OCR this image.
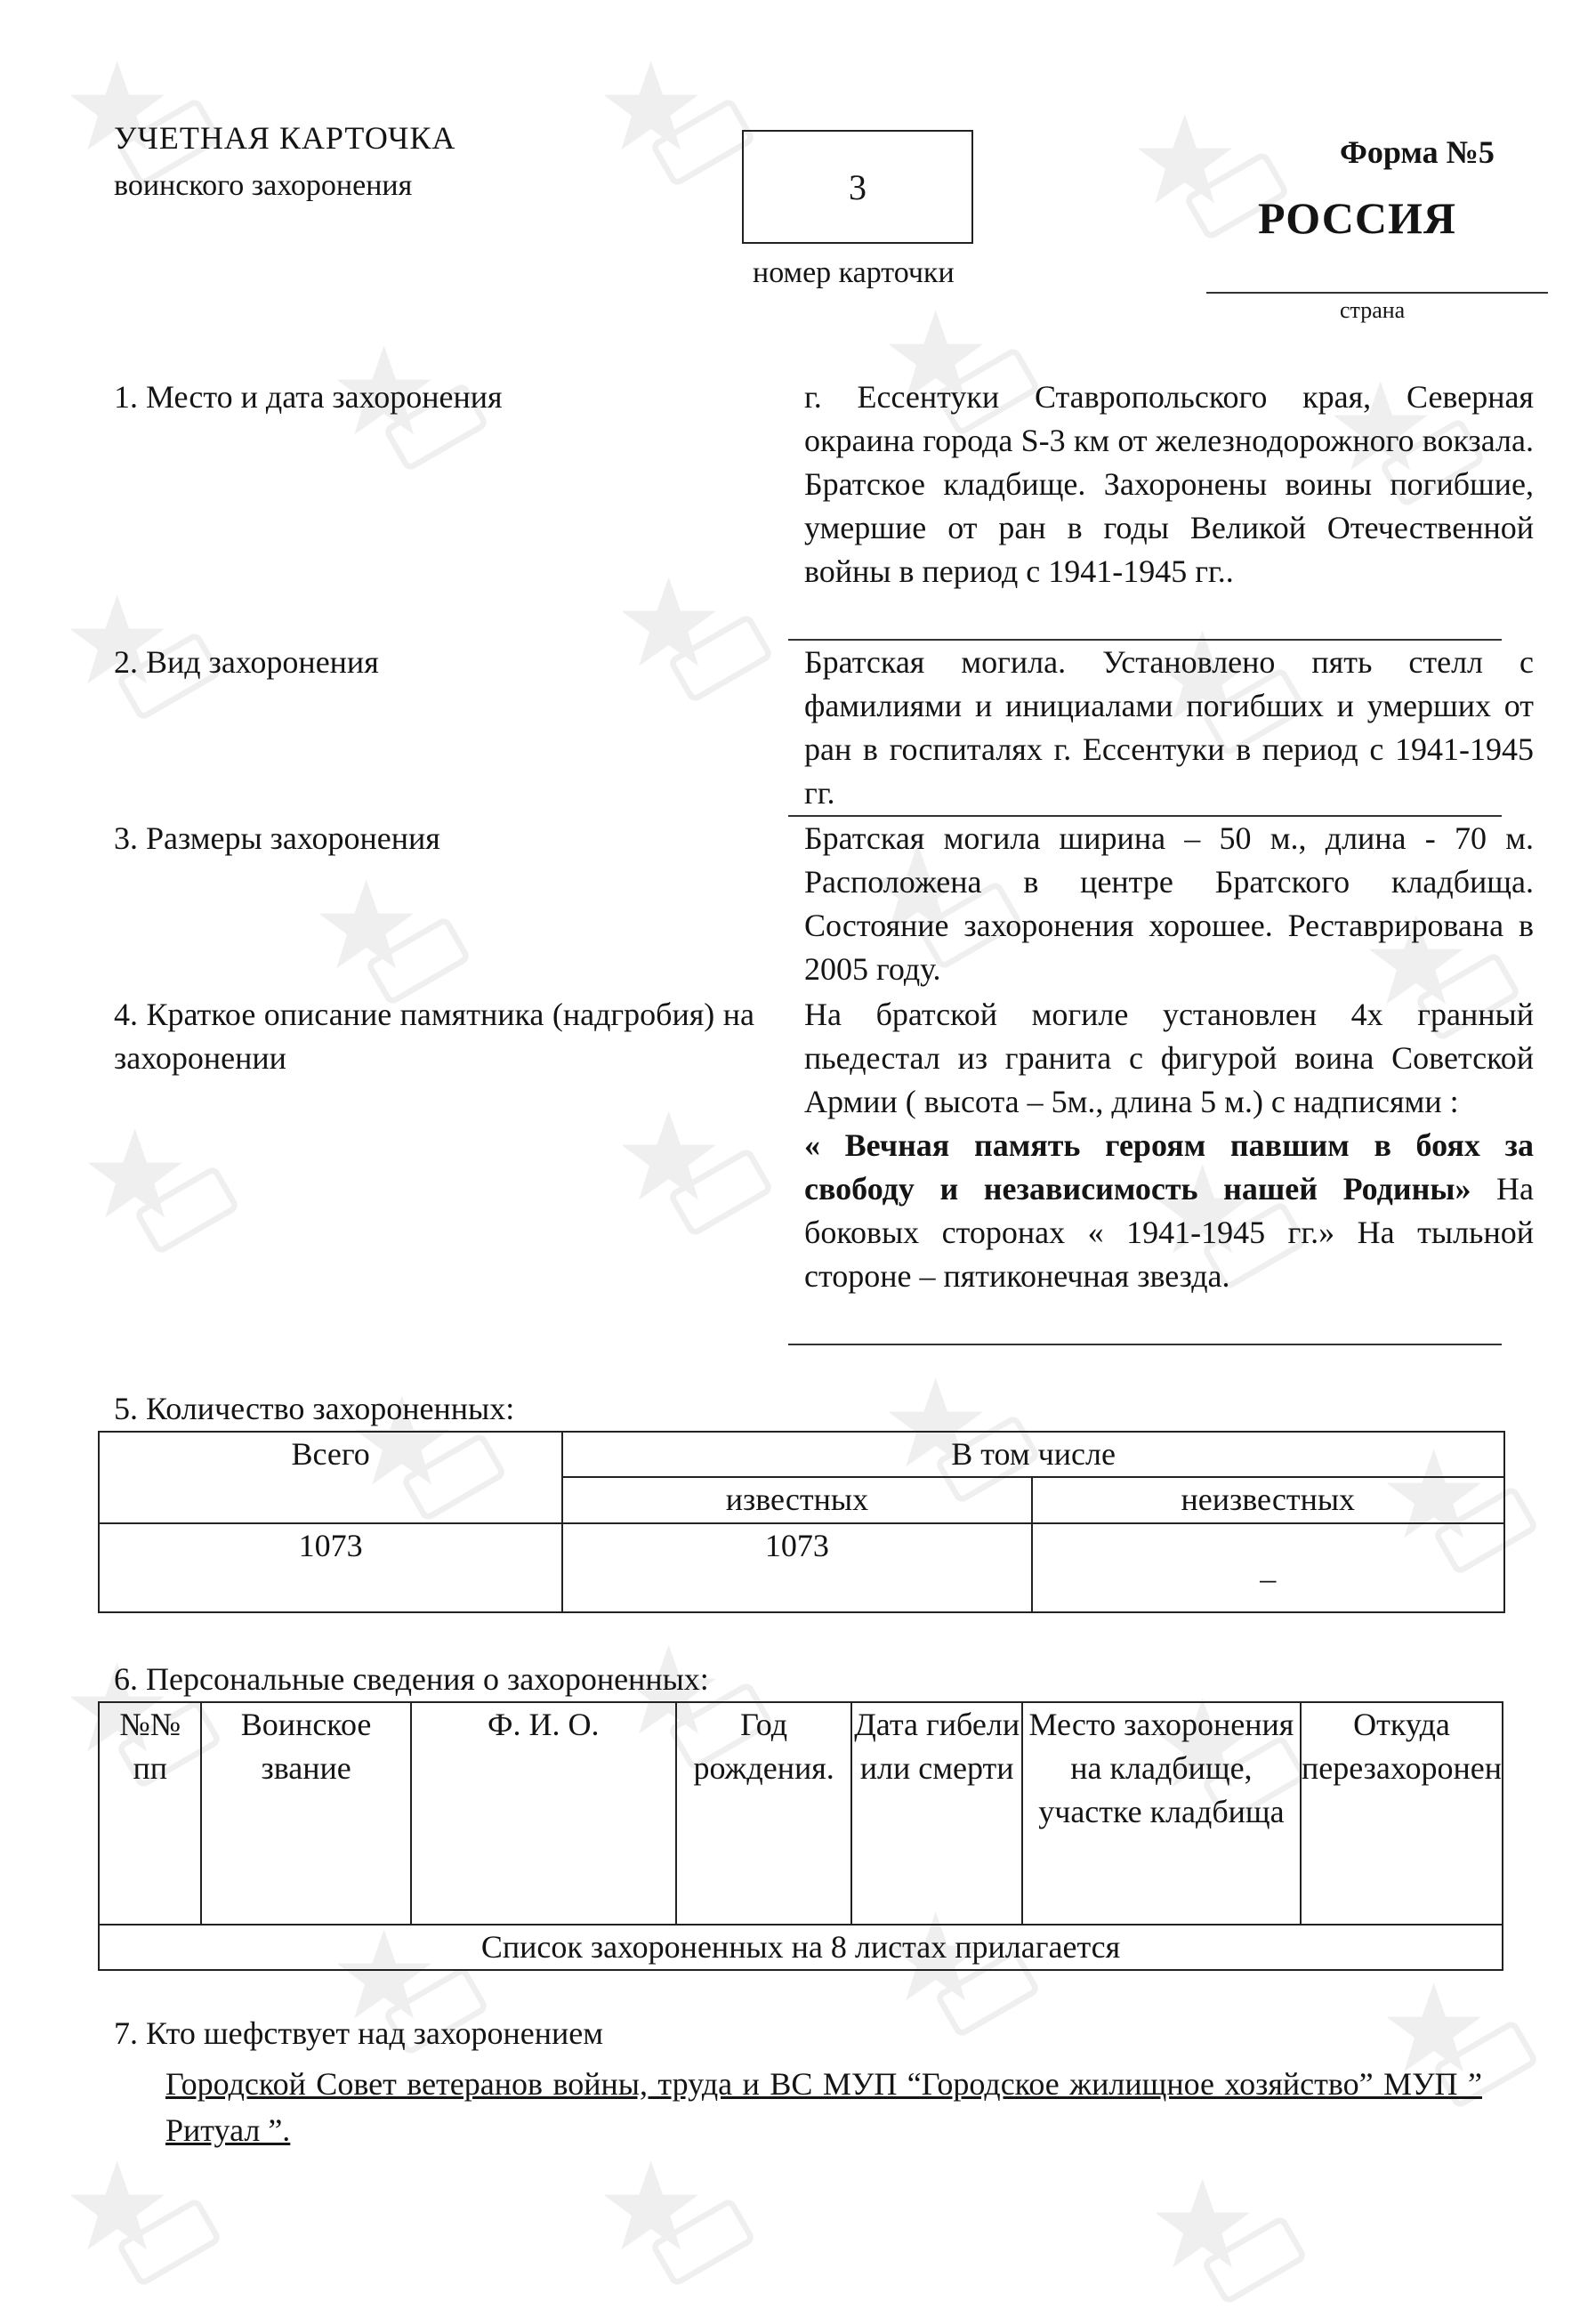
УЧЕТНАЯ КАРТОЧКА
воинского захоронения	3
номер карточки
Форма №5
РОССИЯ
страна
1. Место и дата захоронения	г. Ессентуки Ставропольского края, Северная окраина города S-3 км от железнодорожного вокзала. Братское кладбище. Захоронены воины погибшие, умершие от ран в годы Великой Отечественной войны в период с 1941-1945 гг..
2. Вид захоронения	Братская могила. Установлено пять стелл с фамилиями и инициалами погибших и умерших от ран в госпиталях г. Ессентуки в период с 1941-1945 гг.
3. Размеры захоронения	Братская могила ширина – 50 м., длина - 70 м. Расположена в центре Братского кладбища. Состояние захоронения хорошее. Реставрирована в 2005 году.
4. Краткое описание памятника (надгробия) на захоронении
На братской могиле установлен 4х гранный пьедестал из гранита с фигурой воина Советской Армии ( высота – 5м., длина 5 м.) с надписями :
« Вечная память героям павшим в боях за свободу и независимость нашей Родины» На боковых сторонах « 1941-1945 гг.» На тыльной стороне – пятиконечная звезда.
5. Количество захороненных:
Всего	В том числе	
	известных	неизвестных
1073	1073	_
6. Персональные сведения о захороненных:
№№ пп	Воинское звание	Ф. И. О.	Год рождения.	Дата гибели или смерти	Место захоронения на кладбище, участке кладбища	Откуда перезахоронен
Список захороненных на 8 листах прилагается
7. Кто шефствует над захоронением
Городской Совет ветеранов войны, труда и ВС МУП “Городское жилищное хозяйство” МУП ” Ритуал ”.
